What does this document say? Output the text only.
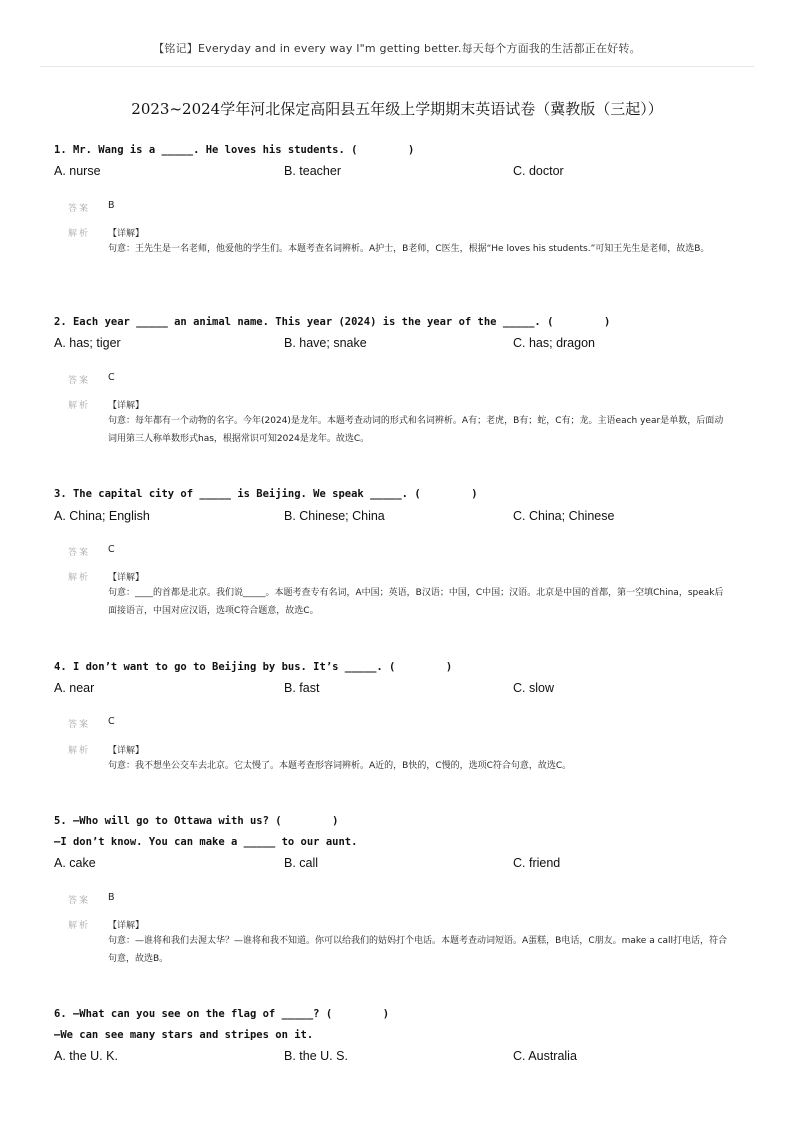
【铭记】Everyday and in every way I"m getting better.每天每个方面我的生活都正在好转。
2023~2024学年河北保定高阳县五年级上学期期末英语试卷（冀教版（三起））
1. Mr. Wang is a _____. He loves his students. (        )
A. nurse	B. teacher	C. doctor
答案 B
解析 【详解】
句意：王先生是一名老师，他爱他的学生们。本题考查名词辨析。A护士，B老师，C医生，根据“He loves his students.”可知王先生是老师，故选B。
2. Each year _____ an animal name. This year (2024) is the year of the _____. (        )
A. has; tiger	B. have; snake	C. has; dragon
答案 C
解析 【详解】
句意：每年都有一个动物的名字。今年(2024)是龙年。本题考查动词的形式和名词辨析。A有；老虎，B有；蛇，C有；龙。主语each year是单数，后面动词用第三人称单数形式has，根据常识可知2024是龙年。故选C。
3. The capital city of _____ is Beijing. We speak _____. (        )
A. China; English	B. Chinese; China	C. China; Chinese
答案 C
解析 【详解】
句意：____的首都是北京。我们说_____。本题考查专有名词，A中国；英语，B汉语；中国，C中国；汉语。北京是中国的首都，第一空填China，speak后面接语言，中国对应汉语，选项C符合题意，故选C。
4. I don’t want to go to Beijing by bus. It’s _____. (        )
A. near	B. fast	C. slow
答案 C
解析 【详解】
句意：我不想坐公交车去北京。它太慢了。本题考查形容词辨析。A近的，B快的，C慢的，选项C符合句意，故选C。
5. —Who will go to Ottawa with us? (        )
—I don’t know. You can make a _____ to our aunt.
A. cake	B. call	C. friend
答案 B
解析 【详解】
句意：—谁将和我们去渥太华？—谁将和我不知道。你可以给我们的姑妈打个电话。本题考查动词短语。A蛋糕，B电话，C朋友。make a call打电话，符合句意，故选B。
6. —What can you see on the flag of _____? (        )
—We can see many stars and stripes on it.
A. the U. K.	B. the U. S.	C. Australia
